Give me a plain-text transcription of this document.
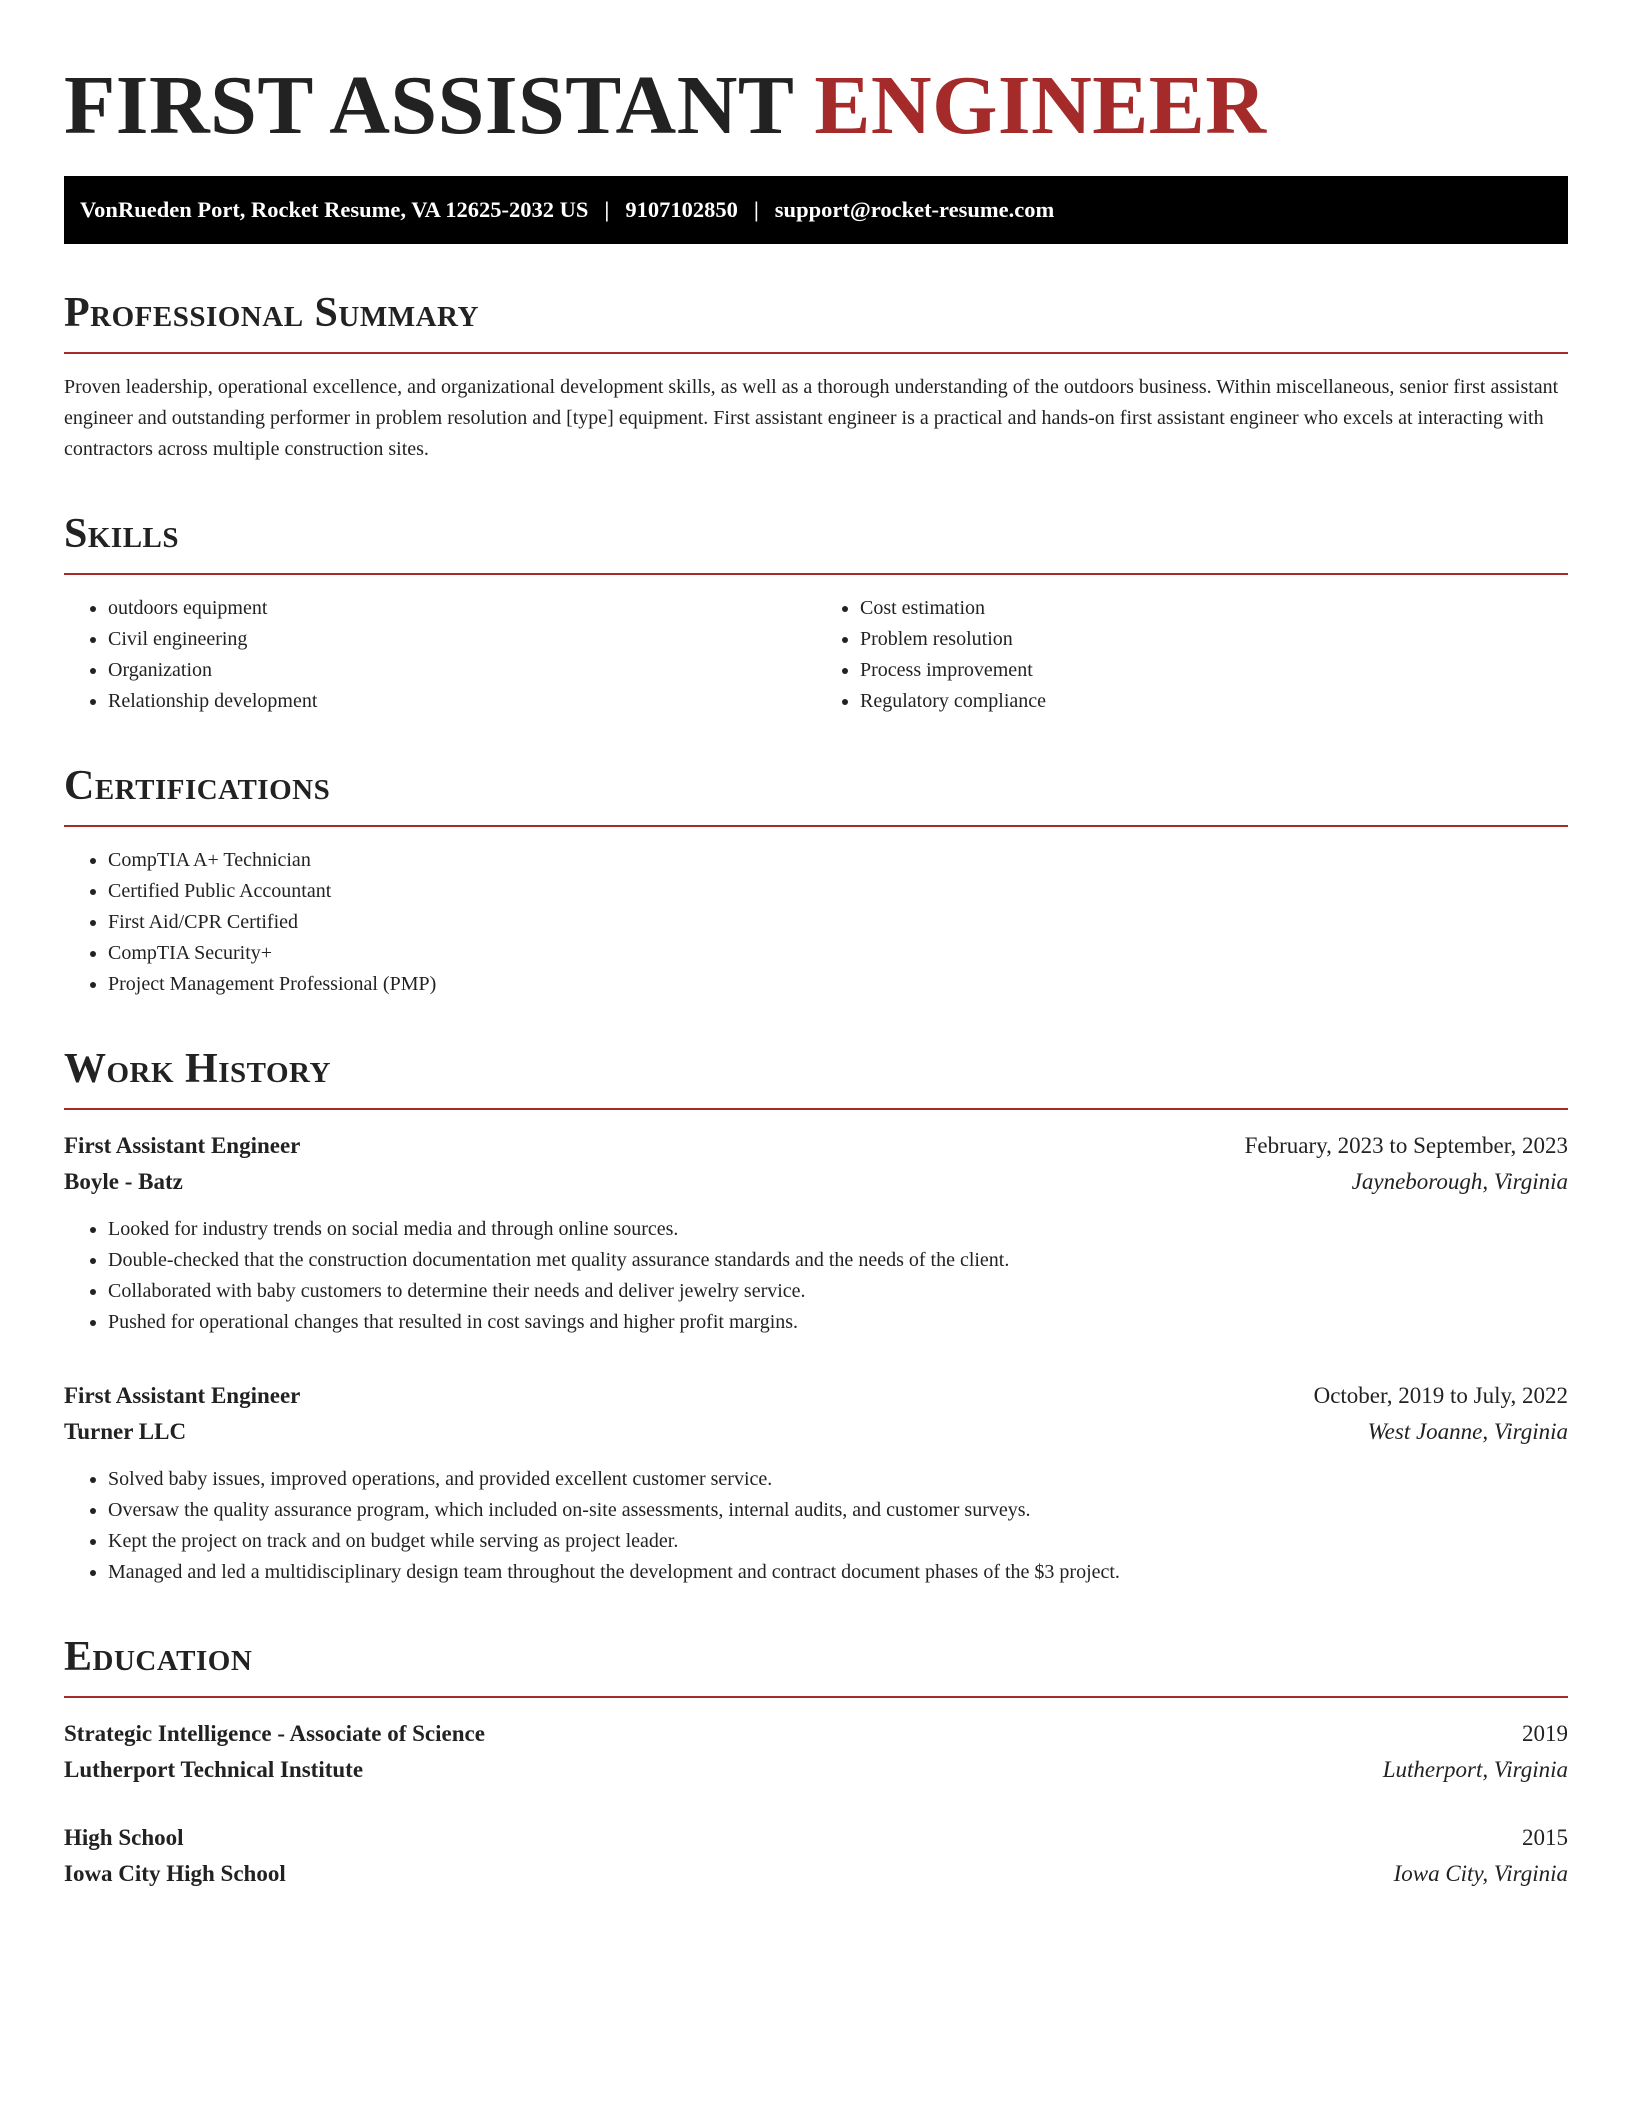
FIRST ASSISTANT ENGINEER
VonRueden Port, Rocket Resume, VA 12625-2032 US | 9107102850 | support@rocket-resume.com
Professional Summary

Proven leadership, operational excellence, and organizational development skills, as well as a thorough understanding of the outdoors business. Within miscellaneous, senior first assistant engineer and outstanding performer in problem resolution and [type] equipment. First assistant engineer is a practical and hands-on first assistant engineer who excels at interacting with contractors across multiple construction sites.

Skills
• outdoors equipment
• Civil engineering
• Organization
• Relationship development
• Cost estimation
• Problem resolution
• Process improvement
• Regulatory compliance
Certifications
• CompTIA A+ Technician
• Certified Public Accountant
• First Aid/CPR Certified
• CompTIA Security+
• Project Management Professional (PMP)
Work History
First Assistant Engineer	February, 2023 to September, 2023
Boyle - Batz	Jayneborough, Virginia
• Looked for industry trends on social media and through online sources.
• Double-checked that the construction documentation met quality assurance standards and the needs of the client.
• Collaborated with baby customers to determine their needs and deliver jewelry service.
• Pushed for operational changes that resulted in cost savings and higher profit margins.
First Assistant Engineer	October, 2019 to July, 2022
Turner LLC	West Joanne, Virginia
• Solved baby issues, improved operations, and provided excellent customer service.
• Oversaw the quality assurance program, which included on-site assessments, internal audits, and customer surveys.
• Kept the project on track and on budget while serving as project leader.
• Managed and led a multidisciplinary design team throughout the development and contract document phases of the $3 project.
Education
Strategic Intelligence - Associate of Science	2019
Lutherport Technical Institute	Lutherport, Virginia
High School	2015
Iowa City High School	Iowa City, Virginia
